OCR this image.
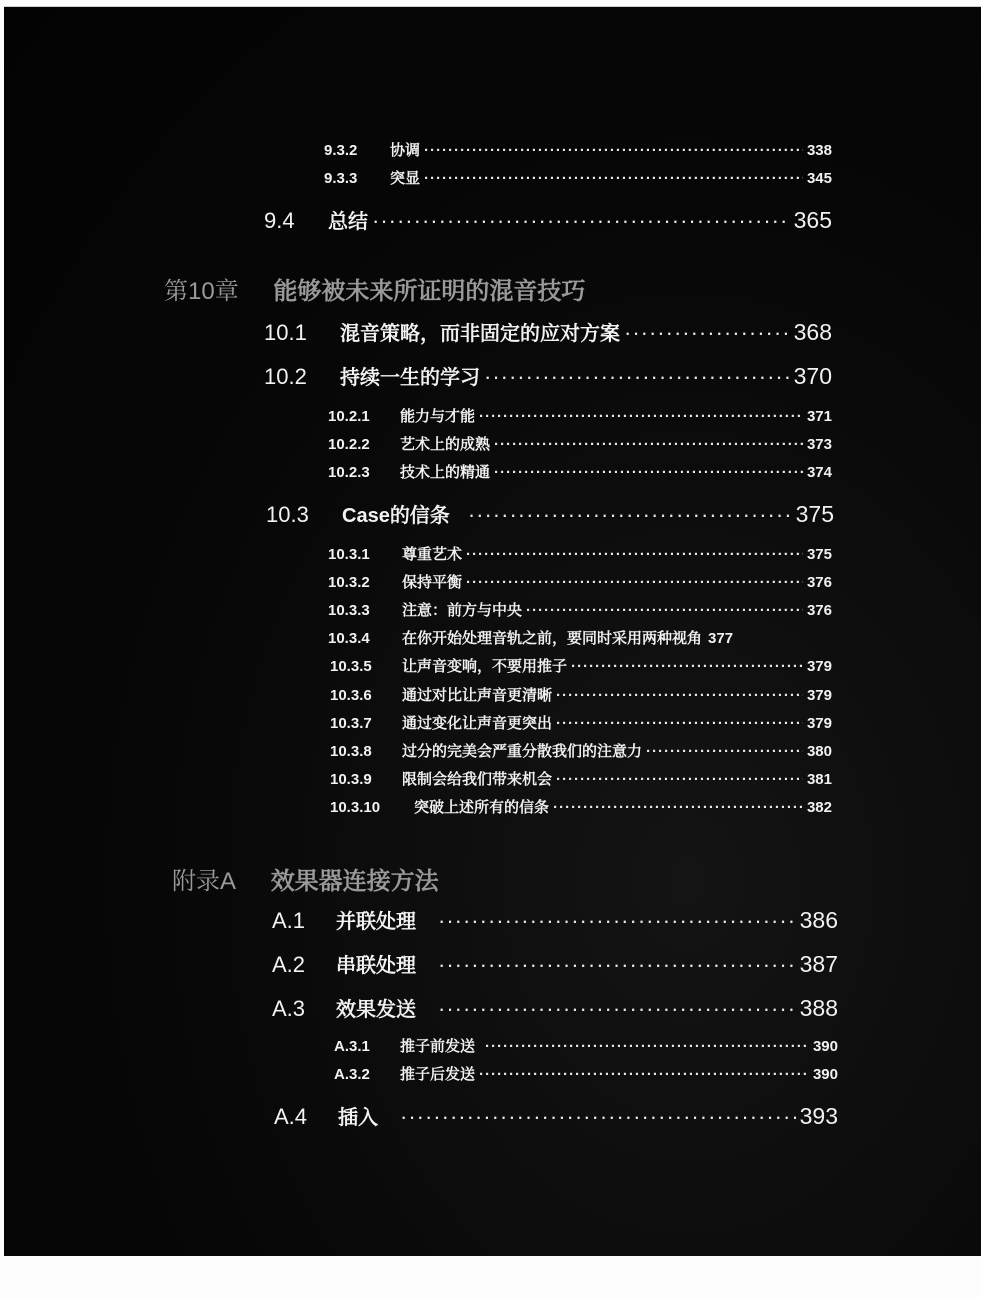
9.3.2	协调 ·····	338
9.3.3	突显 ·····	345
9.4	总结 ·····	365
第10章 能够被未来所证明的混音技巧
10.1	混音策略，而非固定的应对方案 ·····	368
10.2	持续一生的学习 ·····	370
10.2.1	能力与才能 ·····	371
10.2.2	艺术上的成熟 ·····	373
10.2.3	技术上的精通 ·····	374
10.3	Case的信条 ·····	375
10.3.1	尊重艺术 ·····	375
10.3.2	保持平衡 ·····	376
10.3.3	注意：前方与中央 ·····	376
10.3.4	在你开始处理音轨之前，要同时采用两种视角 377
10.3.5	让声音变响，不要用推子 ·····	379
10.3.6	通过对比让声音更清晰 ·····	379
10.3.7	通过变化让声音更突出 ·····	379
10.3.8	过分的完美会严重分散我们的注意力 ·····	380
10.3.9	限制会给我们带来机会 ·····	381
10.3.10	突破上述所有的信条 ·····	382
附录A 效果器连接方法
A.1	并联处理 ·····	386
A.2	串联处理 ·····	387
A.3	效果发送 ·····	388
A.3.1	推子前发送 ·····	390
A.3.2	推子后发送 ·····	390
A.4	插入 ·····	393
